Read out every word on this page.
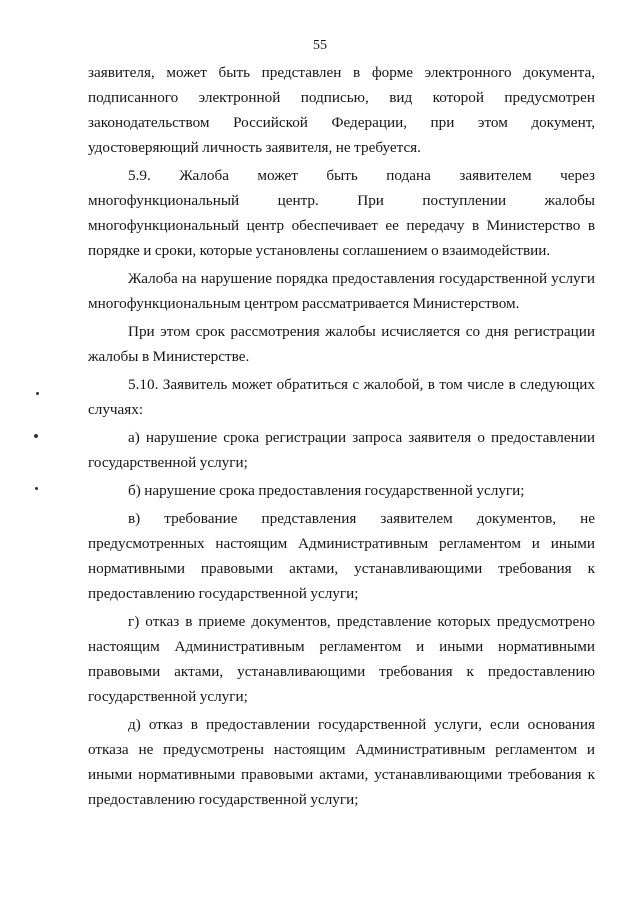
55

заявителя, может быть представлен в форме электронного документа,
подписанного электронной подписью, вид которой предусмотрен
законодательством Российской Федерации, при этом документ,
удостоверяющий личность заявителя, не требуется.

5.9. Жалоба может быть подана заявителем через
многофункциональный центр. При поступлении жалобы
многофункциональный центр обеспечивает ее передачу в Министерство в
порядке и сроки, которые установлены соглашением о взаимодействии.

Жалоба на нарушение порядка предоставления государственной услуги
многофункциональным центром рассматривается Министерством.

При этом срок рассмотрения жалобы исчисляется со дня регистрации
жалобы в Министерстве.

5.10. Заявитель может обратиться с жалобой, в том числе в следующих
случаях:

а) нарушение срока регистрации запроса заявителя о предоставлении
государственной услуги;

б) нарушение срока предоставления государственной услуги;

в) требование представления заявителем документов, не
предусмотренных настоящим Административным регламентом и иными
нормативными правовыми актами, устанавливающими требования к
предоставлению государственной услуги;

г) отказ в приеме документов, представление которых предусмотрено
настоящим Административным регламентом и иными нормативными
правовыми актами, устанавливающими требования к предоставлению
государственной услуги;

д) отказ в предоставлении государственной услуги, если основания
отказа не предусмотрены настоящим Административным регламентом и
иными нормативными правовыми актами, устанавливающими требования к
предоставлению государственной услуги;
